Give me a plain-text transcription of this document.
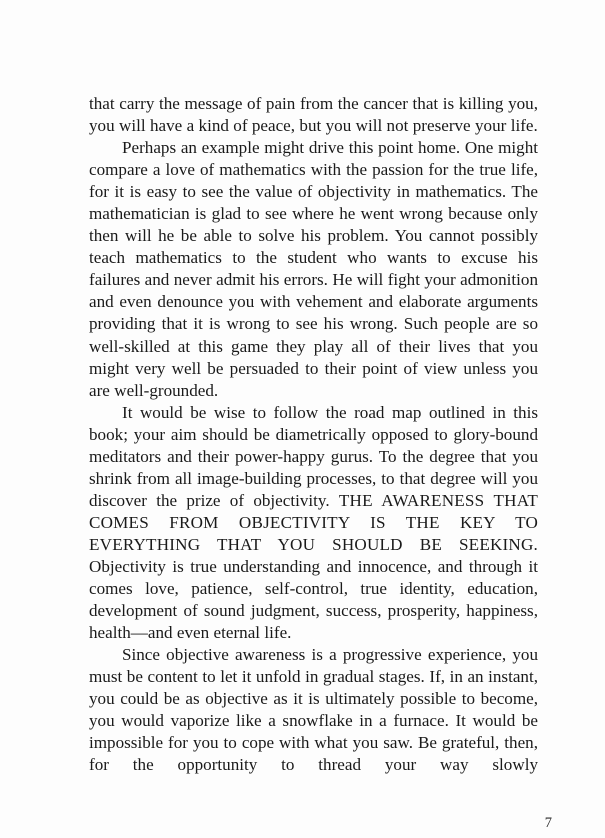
that carry the message of pain from the cancer that is killing you, you will have a kind of peace, but you will not preserve your life.

Perhaps an example might drive this point home. One might compare a love of mathematics with the passion for the true life, for it is easy to see the value of objectivity in mathematics. The mathematician is glad to see where he went wrong because only then will he be able to solve his problem. You cannot possibly teach mathematics to the student who wants to excuse his failures and never admit his errors. He will fight your admonition and even denounce you with vehement and elaborate arguments providing that it is wrong to see his wrong. Such people are so well-skilled at this game they play all of their lives that you might very well be persuaded to their point of view unless you are well-grounded.

It would be wise to follow the road map outlined in this book; your aim should be diametrically opposed to glory-bound meditators and their power-happy gurus. To the degree that you shrink from all image-building processes, to that degree will you discover the prize of objectivity. THE AWARENESS THAT COMES FROM OBJECTIVITY IS THE KEY TO EVERYTHING THAT YOU SHOULD BE SEEKING. Objectivity is true understanding and innocence, and through it comes love, patience, self-control, true identity, education, development of sound judgment, success, prosperity, happiness, health—and even eternal life.

Since objective awareness is a progressive experience, you must be content to let it unfold in gradual stages. If, in an instant, you could be as objective as it is ultimately possible to become, you would vaporize like a snowflake in a furnace. It would be impossible for you to cope with what you saw. Be grateful, then, for the opportunity to thread your way slowly

7
